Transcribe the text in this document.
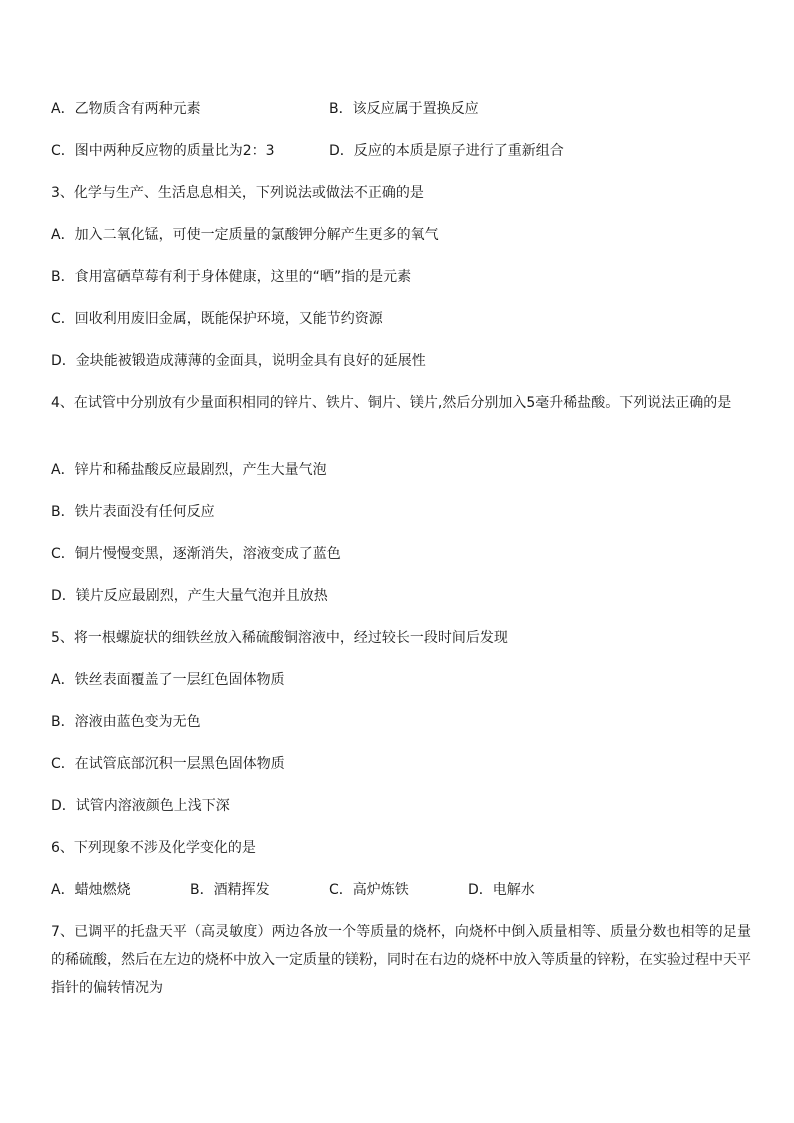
A．乙物质含有两种元素	B．该反应属于置换反应
C．图中两种反应物的质量比为2：3	D．反应的本质是原子进行了重新组合
3、化学与生产、生活息息相关，下列说法或做法不正确的是
A．加入二氧化锰，可使一定质量的氯酸钾分解产生更多的氧气
B．食用富硒草莓有利于身体健康，这里的“晒”指的是元素
C．回收利用废旧金属，既能保护环境，又能节约资源
D．金块能被锻造成薄薄的金面具，说明金具有良好的延展性
4、在试管中分别放有少量面积相同的锌片、铁片、铜片、镁片,然后分别加入5毫升稀盐酸。下列说法正确的是
A．锌片和稀盐酸反应最剧烈，产生大量气泡
B．铁片表面没有任何反应
C．铜片慢慢变黑，逐渐消失，溶液变成了蓝色
D．镁片反应最剧烈，产生大量气泡并且放热
5、将一根螺旋状的细铁丝放入稀硫酸铜溶液中，经过较长一段时间后发现
A．铁丝表面覆盖了一层红色固体物质
B．溶液由蓝色变为无色
C．在试管底部沉积一层黑色固体物质
D．试管内溶液颜色上浅下深
6、下列现象不涉及化学变化的是
A．蜡烛燃烧	B．酒精挥发	C．高炉炼铁	D．电解水
7、已调平的托盘天平（高灵敏度）两边各放一个等质量的烧杯，向烧杯中倒入质量相等、质量分数也相等的足量的稀硫酸，然后在左边的烧杯中放入一定质量的镁粉，同时在右边的烧杯中放入等质量的锌粉，在实验过程中天平指针的偏转情况为
